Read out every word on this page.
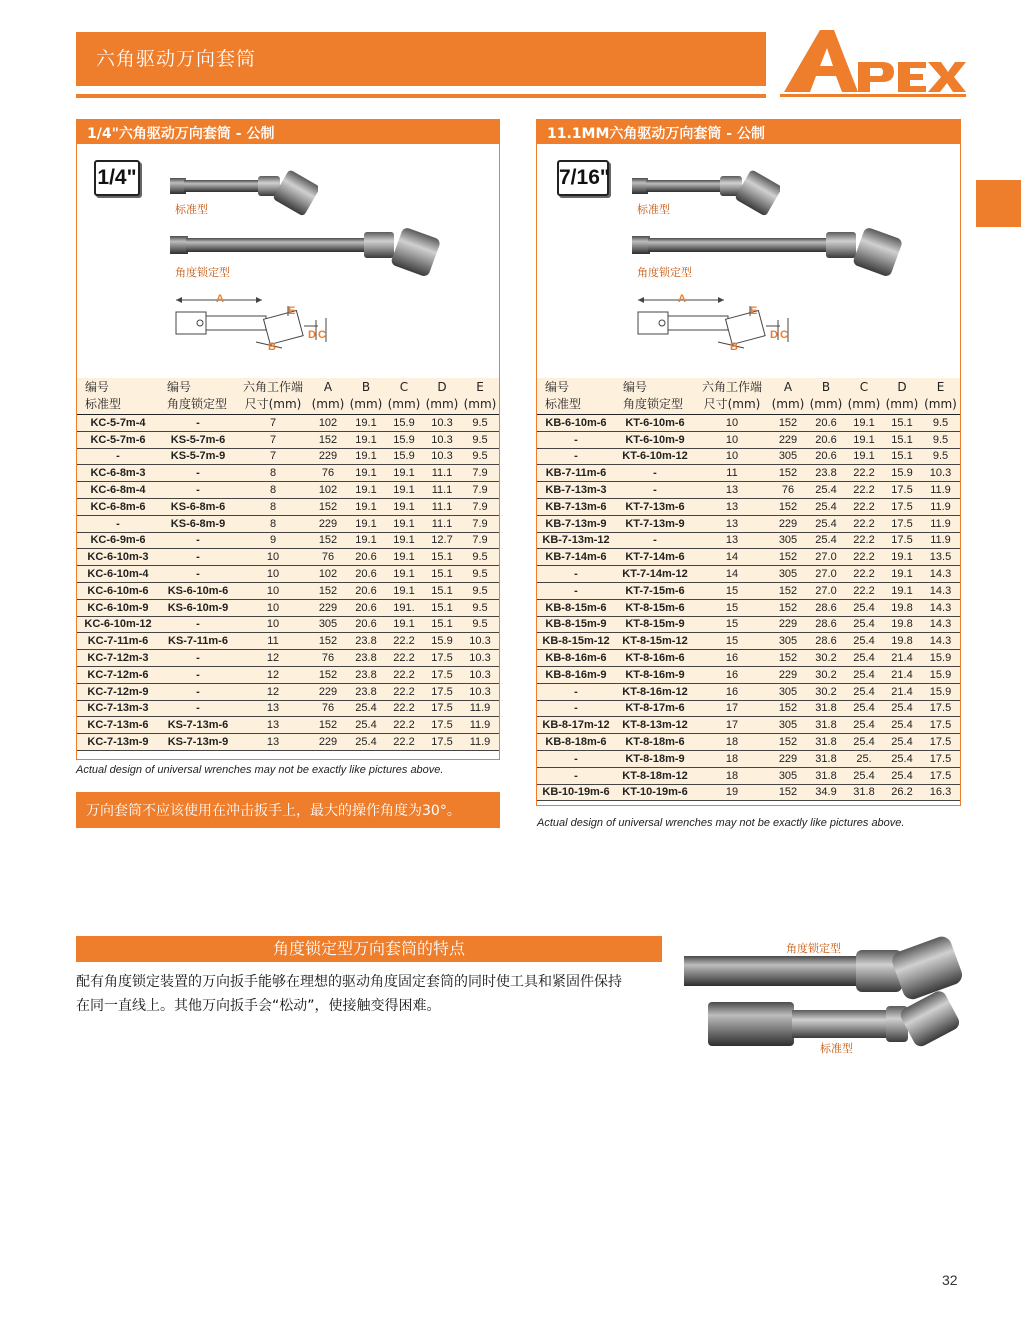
六角驱动万向套筒
1/4"六角驱动万向套筒 - 公制
1/4"
标准型
角度锁定型
A
E
B
D C
编号	编号	六角工作端	A	B	C	D	E
标准型	角度锁定型	尺寸(mm)	(mm)	(mm)	(mm)	(mm)	(mm)
KC-5-7m-4	-	7	102	19.1	15.9	10.3	9.5
KC-5-7m-6	KS-5-7m-6	7	152	19.1	15.9	10.3	9.5
-	KS-5-7m-9	7	229	19.1	15.9	10.3	9.5
KC-6-8m-3	-	8	76	19.1	19.1	11.1	7.9
KC-6-8m-4	-	8	102	19.1	19.1	11.1	7.9
KC-6-8m-6	KS-6-8m-6	8	152	19.1	19.1	11.1	7.9
-	KS-6-8m-9	8	229	19.1	19.1	11.1	7.9
KC-6-9m-6	-	9	152	19.1	19.1	12.7	7.9
KC-6-10m-3	-	10	76	20.6	19.1	15.1	9.5
KC-6-10m-4	-	10	102	20.6	19.1	15.1	9.5
KC-6-10m-6	KS-6-10m-6	10	152	20.6	19.1	15.1	9.5
KC-6-10m-9	KS-6-10m-9	10	229	20.6	191.	15.1	9.5
KC-6-10m-12	-	10	305	20.6	19.1	15.1	9.5
KC-7-11m-6	KS-7-11m-6	11	152	23.8	22.2	15.9	10.3
KC-7-12m-3	-	12	76	23.8	22.2	17.5	10.3
KC-7-12m-6	-	12	152	23.8	22.2	17.5	10.3
KC-7-12m-9	-	12	229	23.8	22.2	17.5	10.3
KC-7-13m-3	-	13	76	25.4	22.2	17.5	11.9
KC-7-13m-6	KS-7-13m-6	13	152	25.4	22.2	17.5	11.9
KC-7-13m-9	KS-7-13m-9	13	229	25.4	22.2	17.5	11.9
Actual design of universal wrenches may not be exactly like pictures above.
万向套筒不应该使用在冲击扳手上，最大的操作角度为30°。
11.1MM六角驱动万向套筒 - 公制
7/16"
标准型
角度锁定型
A
E
B
D C
编号	编号	六角工作端	A	B	C	D	E
标准型	角度锁定型	尺寸(mm)	(mm)	(mm)	(mm)	(mm)	(mm)
KB-6-10m-6	KT-6-10m-6	10	152	20.6	19.1	15.1	9.5
-	KT-6-10m-9	10	229	20.6	19.1	15.1	9.5
-	KT-6-10m-12	10	305	20.6	19.1	15.1	9.5
KB-7-11m-6	-	11	152	23.8	22.2	15.9	10.3
KB-7-13m-3	-	13	76	25.4	22.2	17.5	11.9
KB-7-13m-6	KT-7-13m-6	13	152	25.4	22.2	17.5	11.9
KB-7-13m-9	KT-7-13m-9	13	229	25.4	22.2	17.5	11.9
KB-7-13m-12	-	13	305	25.4	22.2	17.5	11.9
KB-7-14m-6	KT-7-14m-6	14	152	27.0	22.2	19.1	13.5
-	KT-7-14m-12	14	305	27.0	22.2	19.1	14.3
-	KT-7-15m-6	15	152	27.0	22.2	19.1	14.3
KB-8-15m-6	KT-8-15m-6	15	152	28.6	25.4	19.8	14.3
KB-8-15m-9	KT-8-15m-9	15	229	28.6	25.4	19.8	14.3
KB-8-15m-12	KT-8-15m-12	15	305	28.6	25.4	19.8	14.3
KB-8-16m-6	KT-8-16m-6	16	152	30.2	25.4	21.4	15.9
KB-8-16m-9	KT-8-16m-9	16	229	30.2	25.4	21.4	15.9
-	KT-8-16m-12	16	305	30.2	25.4	21.4	15.9
-	KT-8-17m-6	17	152	31.8	25.4	25.4	17.5
KB-8-17m-12	KT-8-13m-12	17	305	31.8	25.4	25.4	17.5
KB-8-18m-6	KT-8-18m-6	18	152	31.8	25.4	25.4	17.5
-	KT-8-18m-9	18	229	31.8	25.	25.4	17.5
-	KT-8-18m-12	18	305	31.8	25.4	25.4	17.5
KB-10-19m-6	KT-10-19m-6	19	152	34.9	31.8	26.2	16.3
Actual design of universal wrenches may not be exactly like pictures above.
角度锁定型万向套筒的特点
配有角度锁定装置的万向扳手能够在理想的驱动角度固定套筒的同时使工具和紧固件保持
在同一直线上。其他万向扳手会“松动”，使接触变得困难。
角度锁定型
标准型
32
